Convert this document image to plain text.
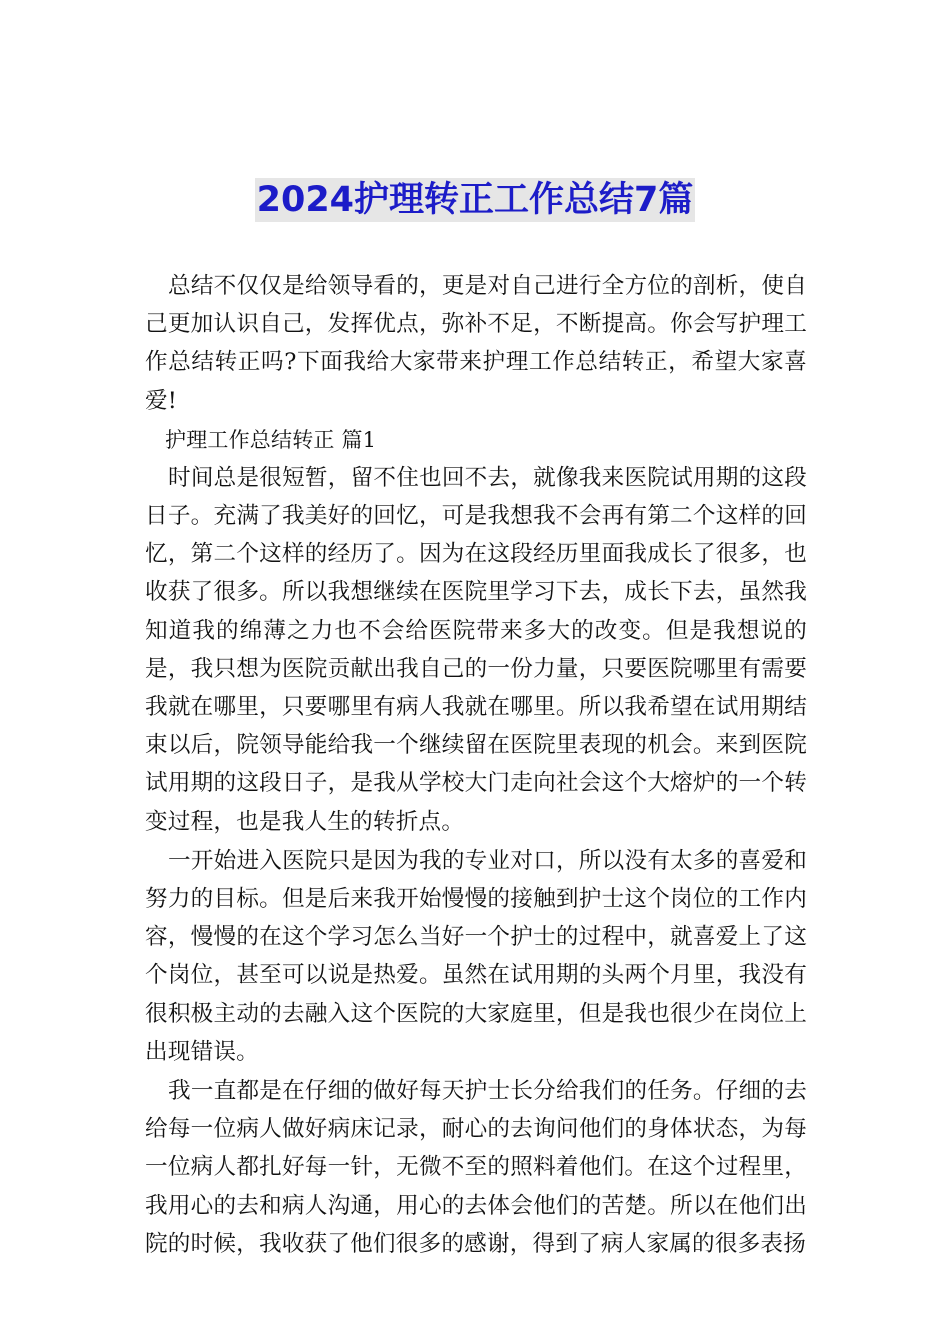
2024护理转正工作总结7篇

总结不仅仅是给领导看的，更是对自己进行全方位的剖析，使自己更加认识自己，发挥优点，弥补不足，不断提高。你会写护理工作总结转正吗?下面我给大家带来护理工作总结转正，希望大家喜爱!

护理工作总结转正 篇1

时间总是很短暂，留不住也回不去，就像我来医院试用期的这段日子。充满了我美好的回忆，可是我想我不会再有第二个这样的回忆，第二个这样的经历了。因为在这段经历里面我成长了很多，也收获了很多。所以我想继续在医院里学习下去，成长下去，虽然我知道我的绵薄之力也不会给医院带来多大的改变。但是我想说的是，我只想为医院贡献出我自己的一份力量，只要医院哪里有需要我就在哪里，只要哪里有病人我就在哪里。所以我希望在试用期结束以后，院领导能给我一个继续留在医院里表现的机会。来到医院试用期的这段日子，是我从学校大门走向社会这个大熔炉的一个转变过程，也是我人生的转折点。

一开始进入医院只是因为我的专业对口，所以没有太多的喜爱和努力的目标。但是后来我开始慢慢的接触到护士这个岗位的工作内容，慢慢的在这个学习怎么当好一个护士的过程中，就喜爱上了这个岗位，甚至可以说是热爱。虽然在试用期的头两个月里，我没有很积极主动的去融入这个医院的大家庭里，但是我也很少在岗位上出现错误。

我一直都是在仔细的做好每天护士长分给我们的任务。仔细的去给每一位病人做好病床记录，耐心的去询问他们的身体状态，为每一位病人都扎好每一针，无微不至的照料着他们。在这个过程里，我用心的去和病人沟通，用心的去体会他们的苦楚。所以在他们出院的时候，我收获了他们很多的感谢，得到了病人家属的很多表扬
